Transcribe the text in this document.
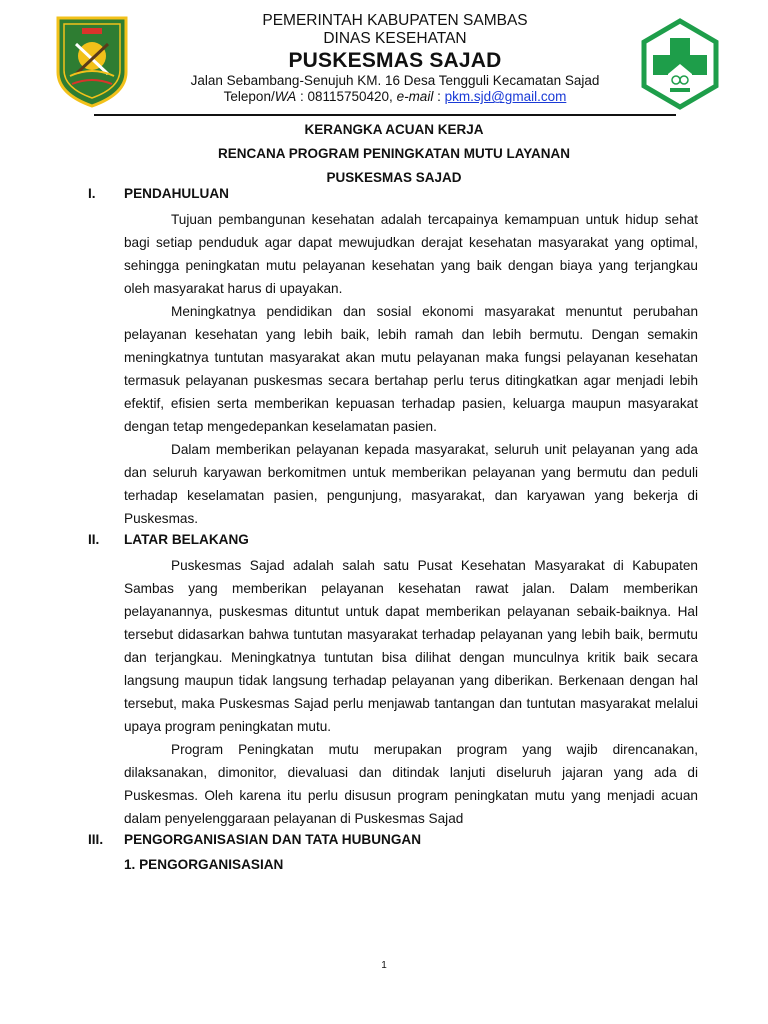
PEMERINTAH KABUPATEN SAMBAS
DINAS KESEHATAN
PUSKESMAS SAJAD
Jalan Sebambang-Senujuh KM. 16 Desa Tengguli Kecamatan Sajad
Telepon/WA : 08115750420, e-mail : pkm.sjd@gmail.com
KERANGKA ACUAN KERJA
RENCANA PROGRAM PENINGKATAN MUTU LAYANAN
PUSKESMAS SAJAD
I. PENDAHULUAN

Tujuan pembangunan kesehatan adalah tercapainya kemampuan untuk hidup sehat bagi setiap penduduk agar dapat mewujudkan derajat kesehatan masyarakat yang optimal, sehingga peningkatan mutu pelayanan kesehatan yang baik dengan biaya yang terjangkau oleh masyarakat harus di upayakan.

Meningkatnya pendidikan dan sosial ekonomi masyarakat menuntut perubahan pelayanan kesehatan yang lebih baik, lebih ramah dan lebih bermutu. Dengan semakin meningkatnya tuntutan masyarakat akan mutu pelayanan maka fungsi pelayanan kesehatan termasuk pelayanan puskesmas secara bertahap perlu terus ditingkatkan agar menjadi lebih efektif, efisien serta memberikan kepuasan terhadap pasien, keluarga maupun masyarakat dengan tetap mengedepankan keselamatan pasien.

Dalam memberikan pelayanan kepada masyarakat, seluruh unit pelayanan yang ada dan seluruh karyawan berkomitmen untuk memberikan pelayanan yang bermutu dan peduli terhadap keselamatan pasien, pengunjung, masyarakat, dan karyawan yang bekerja di Puskesmas.

II. LATAR BELAKANG

Puskesmas Sajad adalah salah satu Pusat Kesehatan Masyarakat di Kabupaten Sambas yang memberikan pelayanan kesehatan rawat jalan. Dalam memberikan pelayanannya, puskesmas dituntut untuk dapat memberikan pelayanan sebaik-baiknya. Hal tersebut didasarkan bahwa tuntutan masyarakat terhadap pelayanan yang lebih baik, bermutu dan terjangkau. Meningkatnya tuntutan bisa dilihat dengan munculnya kritik baik secara langsung maupun tidak langsung terhadap pelayanan yang diberikan. Berkenaan dengan hal tersebut, maka Puskesmas Sajad perlu menjawab tantangan dan tuntutan masyarakat melalui upaya program peningkatan mutu.

Program Peningkatan mutu merupakan program yang wajib direncanakan, dilaksanakan, dimonitor, dievaluasi dan ditindak lanjuti diseluruh jajaran yang ada di Puskesmas. Oleh karena itu perlu disusun program peningkatan mutu yang menjadi acuan dalam penyelenggaraan pelayanan di Puskesmas Sajad

III. PENGORGANISASIAN DAN TATA HUBUNGAN
1. PENGORGANISASIAN
1
